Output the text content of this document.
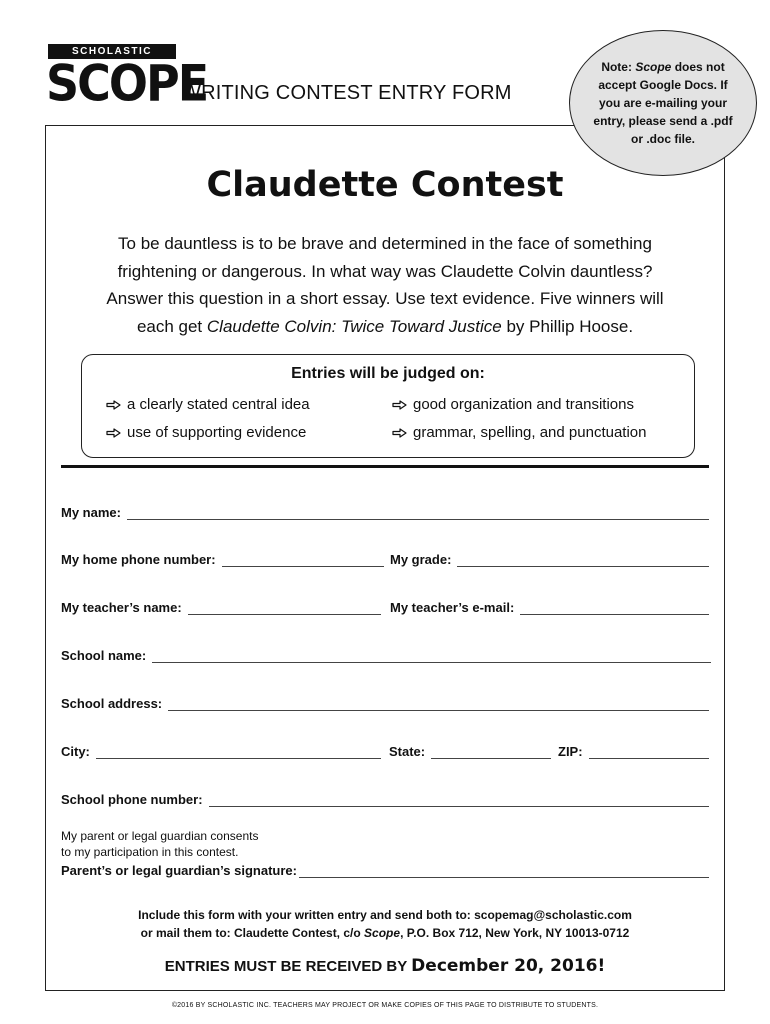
SCHOLASTIC
SCOPE
WRITING CONTEST ENTRY FORM
Note: Scope does not accept Google Docs. If you are e-mailing your entry, please send a .pdf or .doc file.
Claudette Contest
To be dauntless is to be brave and determined in the face of something
frightening or dangerous. In what way was Claudette Colvin dauntless?
Answer this question in a short essay. Use text evidence. Five winners will
each get Claudette Colvin: Twice Toward Justice by Phillip Hoose.
Entries will be judged on:
a clearly stated central idea	good organization and transitions
use of supporting evidence	grammar, spelling, and punctuation
My name:
My home phone number:	My grade:
My teacher’s name:	My teacher’s e-mail:
School name:
School address:
City:	State:	ZIP:
School phone number:
My parent or legal guardian consents
to my participation in this contest.
Parent’s or legal guardian’s signature:
Include this form with your written entry and send both to: scopemag@scholastic.com
or mail them to: Claudette Contest, c/o Scope, P.O. Box 712, New York, NY 10013-0712
ENTRIES MUST BE RECEIVED BY December 20, 2016!
©2016 BY SCHOLASTIC INC. TEACHERS MAY PROJECT OR MAKE COPIES OF THIS PAGE TO DISTRIBUTE TO STUDENTS.
